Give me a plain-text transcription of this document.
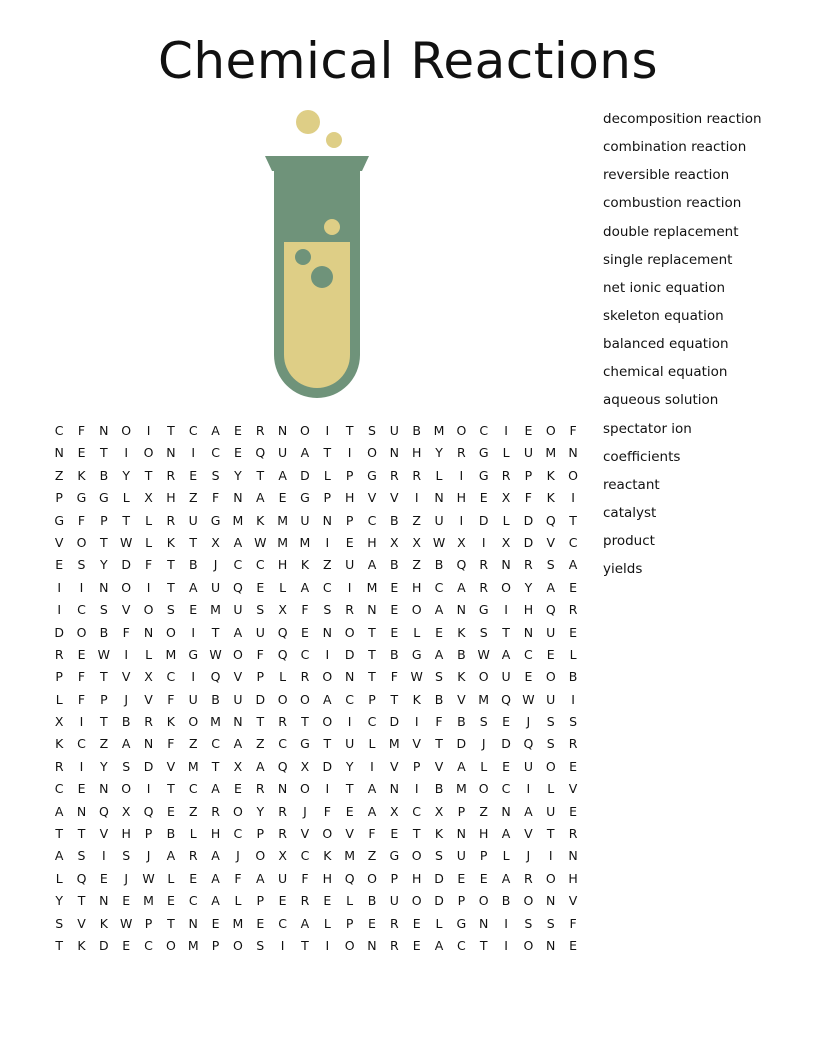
Chemical Reactions
decomposition reaction
combination reaction
reversible reaction
combustion reaction
double replacement
single replacement
net ionic equation
skeleton equation
balanced equation
chemical equation
aqueous solution
spectator ion
coefficients
reactant
catalyst
product
yields
C	F	N	O	I	T	C	A	E	R	N	O	I	T	S	U	B	M O	C	I	E	O	F
N	E	T	I	O	N	I	C	E	Q	U	A	T	I	O	N	H	Y	R	G	L	U M N
Z	K	B	Y	T	R	E	S	Y	T	A	D	L	P	G	R	R	L	I	G	R	P	K	O
P	G	G	L	X	H	Z	F	N	A	E	G	P	H	V	V	I	N	H	E	X	F	K	I
G	F	P	T	L	R	U	G M	K	M U	N	P	C	B	Z	U	I	D	L	D	Q	T
V	O	T W	L	K	T	X	A W M M	I	E	H	X	X W X	I	X	D	V	C
E	S	Y	D	F	T	B	J	C	C	H	K	Z	U	A	B	Z	B	Q	R	N	R	S	A
I	I	N	O	I	T	A	U	Q	E	L	A	C	I	M	E	H	C	A	R	O	Y	A	E
I	C	S	V	O	S	E	M U	S	X	F	S	R	N	E	O	A	N	G	I	H	Q	R
D	O	B	F	N	O	I	T	A	U	Q	E	N	O	T	E	L	E	K	S	T	N	U	E
R	E W	I	L	M G W O	F	Q	C	I	D	T	B	G	A	B W A	C	E	L
P	F	T	V	X	C	I	Q	V	P	L	R	O	N	T	F	W S	K	O	U	E	O	B
L	F	P	J	V	F	U	B	U	D	O	O	A	C	P	T	K	B	V	M Q W U	I
X	I	T	B	R	K	O M N	T	R	T	O	I	C	D	I	F	B	S	E	J	S	S
K	C	Z	A	N	F	Z	C	A	Z	C	G	T	U	L	M	V	T	D	J	D	Q	S	R
R	I	Y	S	D	V	M	T	X	A	Q	X	D	Y	I	V	P	V	A	L	E	U	O	E
C	E	N	O	I	T	C	A	E	R	N	O	I	T	A	N	I	B	M O	C	I	L	V
A	N	Q	X	Q	E	Z	R	O	Y	R	J	F	E	A	X	C	X	P	Z	N	A	U	E
T	T	V	H	P	B	L	H	C	P	R	V	O	V	F	E	T	K	N	H	A	V	T	R
A	S	I	S	J	A	R	A	J	O	X	C	K	M	Z	G	O	S	U	P	L	J	I	N
L	Q	E	J	W	L	E	A	F	A	U	F	H	Q	O	P	H	D	E	E	A	R	O	H
Y	T	N	E	M	E	C	A	L	P	E	R	E	L	B	U	O	D	P	O	B	O	N	V
S	V	K W P	T	N	E	M	E	C	A	L	P	E	R	E	L	G	N	I	S	S	F
T	K	D	E	C	O M	P	O	S	I	T	I	O	N	R	E	A	C	T	I	O	N	E
